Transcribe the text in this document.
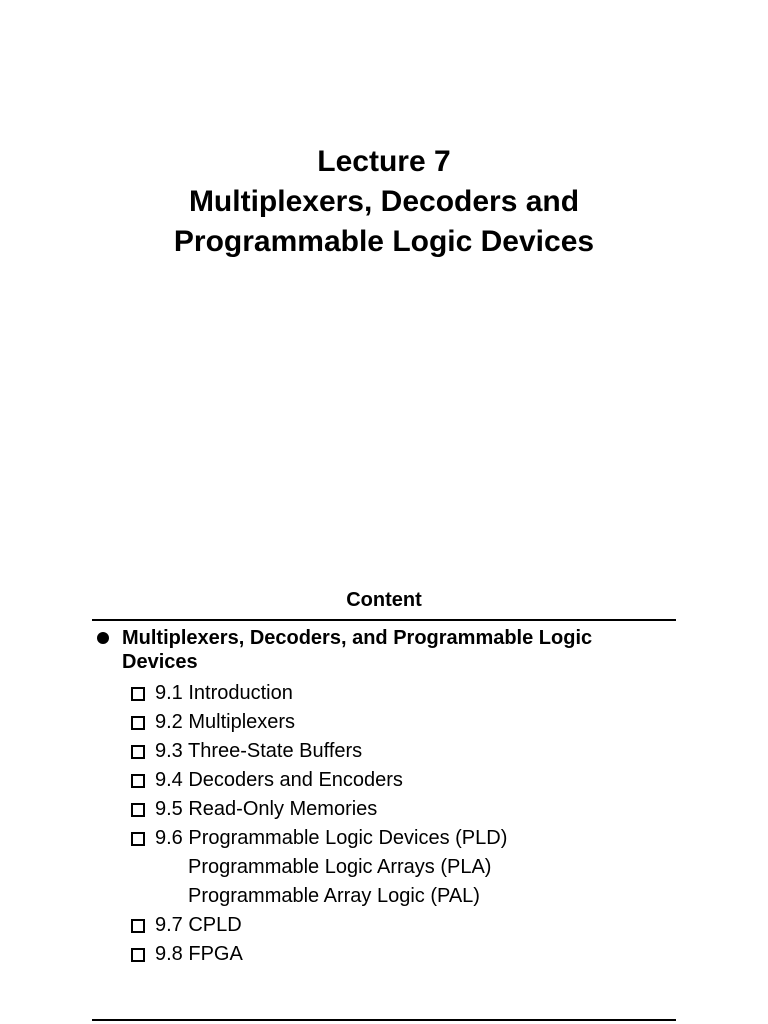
Lecture 7
Multiplexers, Decoders and
Programmable Logic Devices
Content
Multiplexers, Decoders, and Programmable Logic Devices
9.1 Introduction
9.2 Multiplexers
9.3 Three-State Buffers
9.4 Decoders and Encoders
9.5 Read-Only Memories
9.6 Programmable Logic Devices (PLD)
Programmable Logic Arrays (PLA)
Programmable Array Logic (PAL)
9.7 CPLD
9.8 FPGA
